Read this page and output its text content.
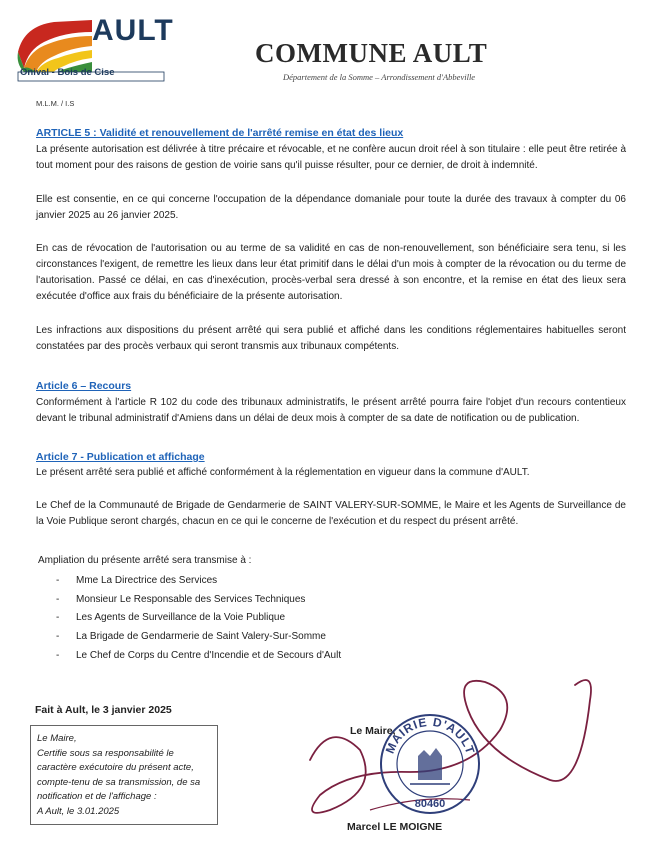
AULT
Onival - Bois de Cise
COMMUNE AULT
Département de la Somme – Arrondissement d'Abbeville
M.L.M. / I.S
ARTICLE 5 : Validité et renouvellement de l'arrêté remise en état des lieux
La présente autorisation est délivrée à titre précaire et révocable, et ne confère aucun droit réel à son titulaire : elle peut être retirée à tout moment pour des raisons de gestion de voirie sans qu'il puisse résulter, pour ce dernier, de droit à indemnité.
Elle est consentie, en ce qui concerne l'occupation de la dépendance domaniale pour toute la durée des travaux à compter du 06 janvier 2025 au 26 janvier 2025.
En cas de révocation de l'autorisation ou au terme de sa validité en cas de non-renouvellement, son bénéficiaire sera tenu, si les circonstances l'exigent, de remettre les lieux dans leur état primitif dans le délai d'un mois à compter de la révocation ou du terme de l'autorisation. Passé ce délai, en cas d'inexécution, procès-verbal sera dressé à son encontre, et la remise en état des lieux sera exécutée d'office aux frais du bénéficiaire de la présente autorisation.
Les infractions aux dispositions du présent arrêté qui sera publié et affiché dans les conditions réglementaires habituelles seront constatées par des procès verbaux qui seront transmis aux tribunaux compétents.
Article 6 – Recours
Conformément à l'article R 102 du code des tribunaux administratifs, le présent arrêté pourra faire l'objet d'un recours contentieux devant le tribunal administratif d'Amiens dans un délai de deux mois à compter de sa date de notification ou de publication.
Article 7 - Publication et affichage
Le présent arrêté sera publié et affiché conformément à la réglementation en vigueur dans la commune d'AULT.
Le Chef de la Communauté de Brigade de Gendarmerie de SAINT VALERY-SUR-SOMME, le Maire et les Agents de Surveillance de la Voie Publique seront chargés, chacun en ce qui le concerne de l'exécution et du respect du présent arrêté.
Ampliation du présente arrêté sera transmise à :
- Mme La Directrice des Services
- Monsieur Le Responsable des Services Techniques
- Les Agents de Surveillance de la Voie Publique
- La Brigade de Gendarmerie de Saint Valery-Sur-Somme
- Le Chef de Corps du Centre d'Incendie et de Secours d'Ault
Fait à Ault, le 3 janvier 2025
Le Maire,
Certifie sous sa responsabilité le
caractère exécutoire du présent acte,
compte-tenu de sa transmission, de sa
notification et de l'affichage :
A Ault, le 3.01.2025
MAIRIE D'AULT
80460
Le Maire,
Marcel LE MOIGNE
